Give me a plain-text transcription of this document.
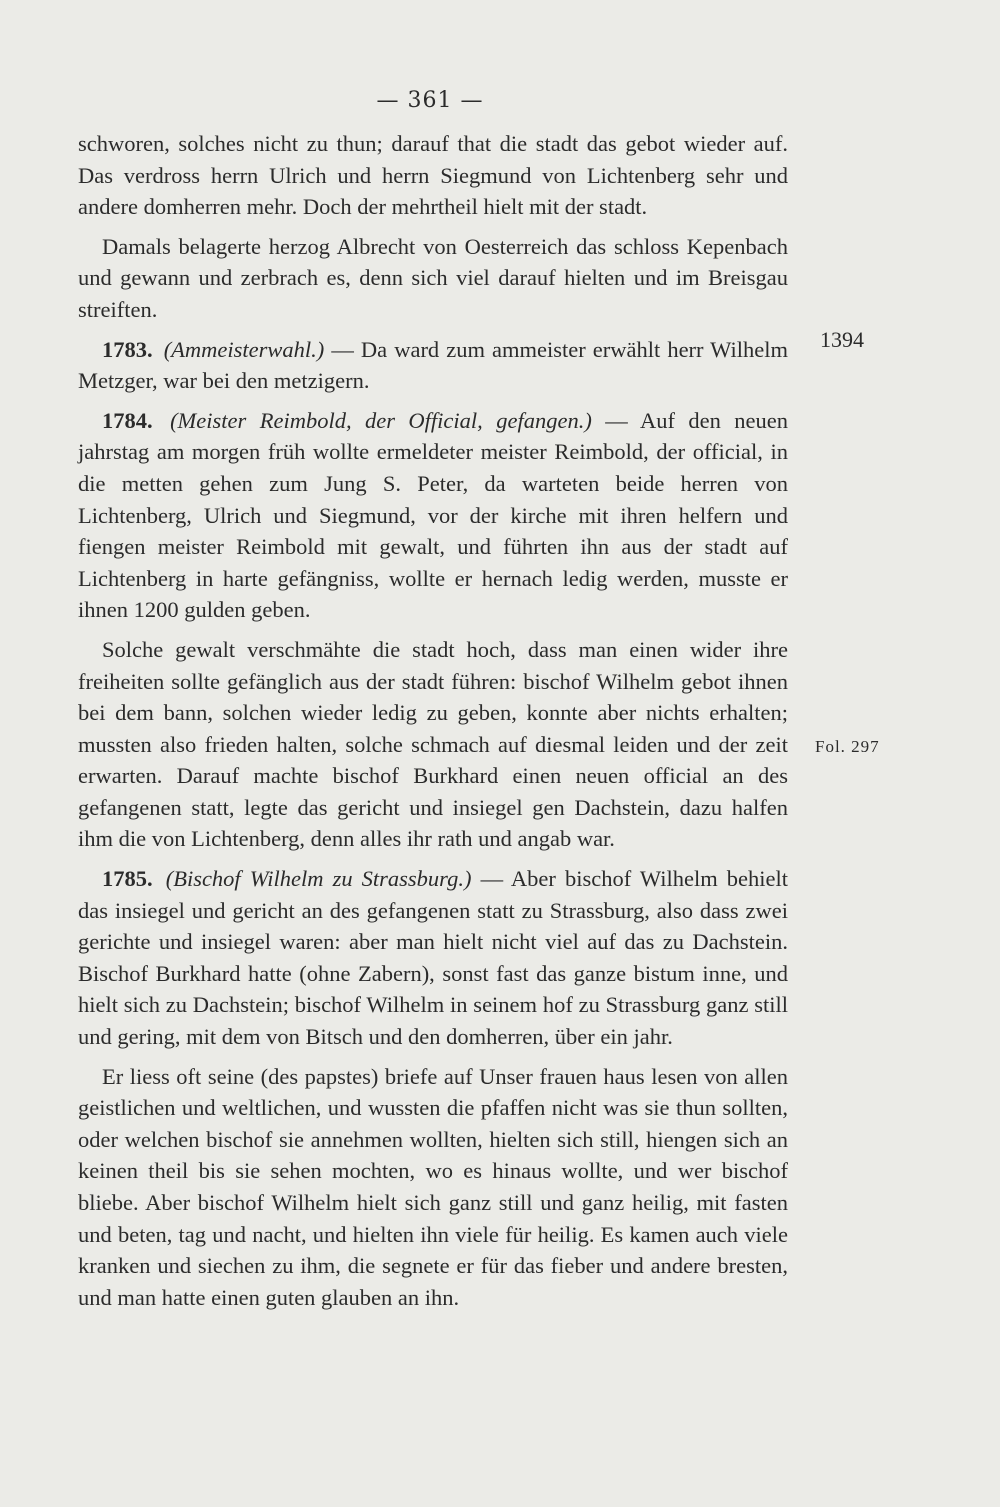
— 361 —

schworen, solches nicht zu thun; darauf that die stadt das gebot wieder auf. Das verdross herrn Ulrich und herrn Siegmund von Lichtenberg sehr und andere domherren mehr. Doch der mehrtheil hielt mit der stadt.

Damals belagerte herzog Albrecht von Oesterreich das schloss Kepenbach und gewann und zerbrach es, denn sich viel darauf hielten und im Breisgau streiften.

1783. (Ammeisterwahl.) — Da ward zum ammeister erwählt herr Wilhelm Metzger, war bei den metzigern.

1784. (Meister Reimbold, der Official, gefangen.) — Auf den neuen jahrstag am morgen früh wollte ermeldeter meister Reimbold, der official, in die metten gehen zum Jung S. Peter, da warteten beide herren von Lichtenberg, Ulrich und Siegmund, vor der kirche mit ihren helfern und fiengen meister Reimbold mit gewalt, und führten ihn aus der stadt auf Lichtenberg in harte gefängniss, wollte er hernach ledig werden, musste er ihnen 1200 gulden geben.

Solche gewalt verschmähte die stadt hoch, dass man einen wider ihre freiheiten sollte gefänglich aus der stadt führen: bischof Wilhelm gebot ihnen bei dem bann, solchen wieder ledig zu geben, konnte aber nichts erhalten; mussten also frieden halten, solche schmach auf diesmal leiden und der zeit erwarten. Darauf machte bischof Burkhard einen neuen official an des gefangenen statt, legte das gericht und insiegel gen Dachstein, dazu halfen ihm die von Lichtenberg, denn alles ihr rath und angab war.

1785. (Bischof Wilhelm zu Strassburg.) — Aber bischof Wilhelm behielt das insiegel und gericht an des gefangenen statt zu Strassburg, also dass zwei gerichte und insiegel waren: aber man hielt nicht viel auf das zu Dachstein. Bischof Burkhard hatte (ohne Zabern), sonst fast das ganze bistum inne, und hielt sich zu Dachstein; bischof Wilhelm in seinem hof zu Strassburg ganz still und gering, mit dem von Bitsch und den domherren, über ein jahr.

Er liess oft seine (des papstes) briefe auf Unser frauen haus lesen von allen geistlichen und weltlichen, und wussten die pfaffen nicht was sie thun sollten, oder welchen bischof sie annehmen wollten, hielten sich still, hiengen sich an keinen theil bis sie sehen mochten, wo es hinaus wollte, und wer bischof bliebe. Aber bischof Wilhelm hielt sich ganz still und ganz heilig, mit fasten und beten, tag und nacht, und hielten ihn viele für heilig. Es kamen auch viele kranken und siechen zu ihm, die segnete er für das fieber und andere bresten, und man hatte einen guten glauben an ihn.

1394
Fol. 297
